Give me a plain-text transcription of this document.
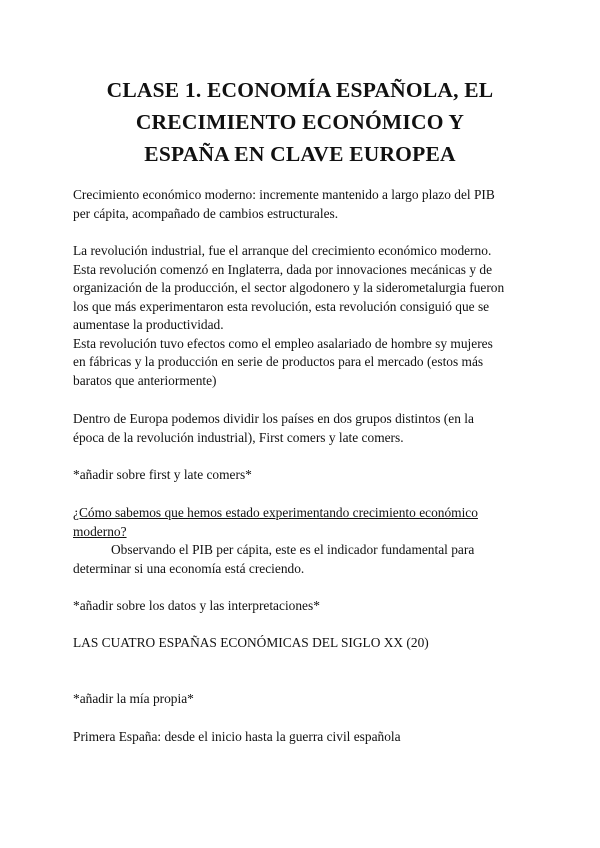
CLASE 1. ECONOMÍA ESPAÑOLA, EL
CRECIMIENTO ECONÓMICO Y
ESPAÑA EN CLAVE EUROPEA
Crecimiento económico moderno: incremente mantenido a largo plazo del PIB
per cápita, acompañado de cambios estructurales.
La revolución industrial, fue el arranque del crecimiento económico moderno.
Esta revolución comenzó en Inglaterra, dada por innovaciones mecánicas y de
organización de la producción, el sector algodonero y la siderometalurgia fueron
los que más experimentaron esta revolución, esta revolución consiguió que se
aumentase la productividad.
Esta revolución tuvo efectos como el empleo asalariado de hombre sy mujeres
en fábricas y la producción en serie de productos para el mercado (estos más
baratos que anteriormente)
Dentro de Europa podemos dividir los países en dos grupos distintos (en la
época de la revolución industrial), First comers y late comers.
*añadir sobre first y late comers*
¿Cómo sabemos que hemos estado experimentando crecimiento económico
moderno?
Observando el PIB per cápita, este es el indicador fundamental para
determinar si una economía está creciendo.
*añadir sobre los datos y las interpretaciones*
LAS CUATRO ESPAÑAS ECONÓMICAS DEL SIGLO XX (20)
*añadir la mía propia*
Primera España: desde el inicio hasta la guerra civil española
